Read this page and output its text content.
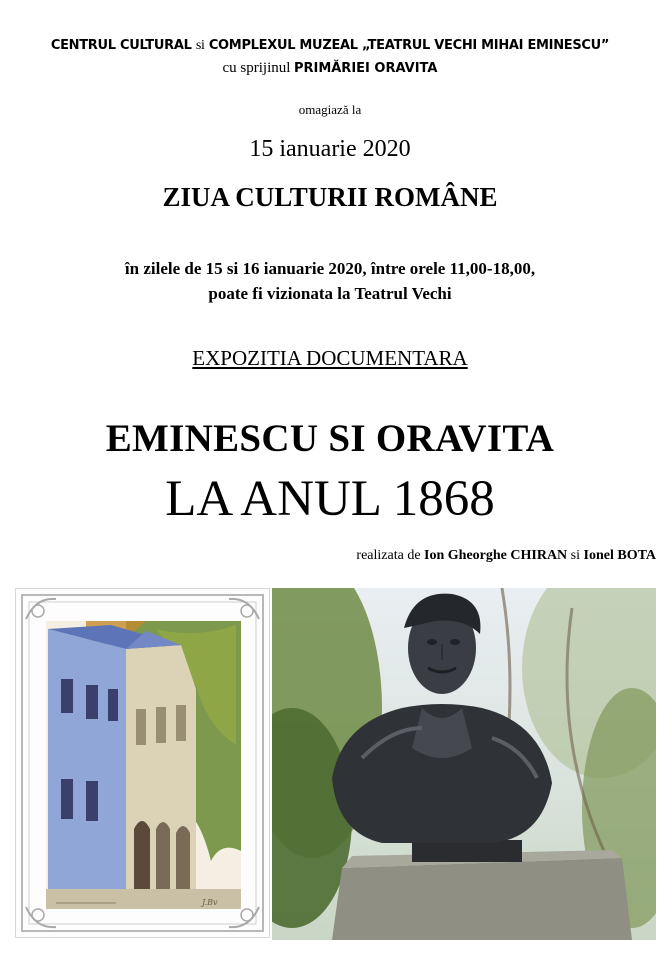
CENTRUL CULTURAL si COMPLEXUL MUZEAL „TEATRUL VECHI MIHAI EMINESCU”
cu sprijinul PRIMĂRIEI ORAVITA
omagiază la
15 ianuarie 2020
ZIUA CULTURII ROMÂNE
în zilele de 15 si 16 ianuarie 2020, între orele 11,00-18,00,
poate fi vizionata la Teatrul Vechi
EXPOZITIA DOCUMENTARA
EMINESCU SI ORAVITA
LA ANUL 1868
realizata de Ion Gheorghe CHIRAN si Ionel BOTA
J.Bv
